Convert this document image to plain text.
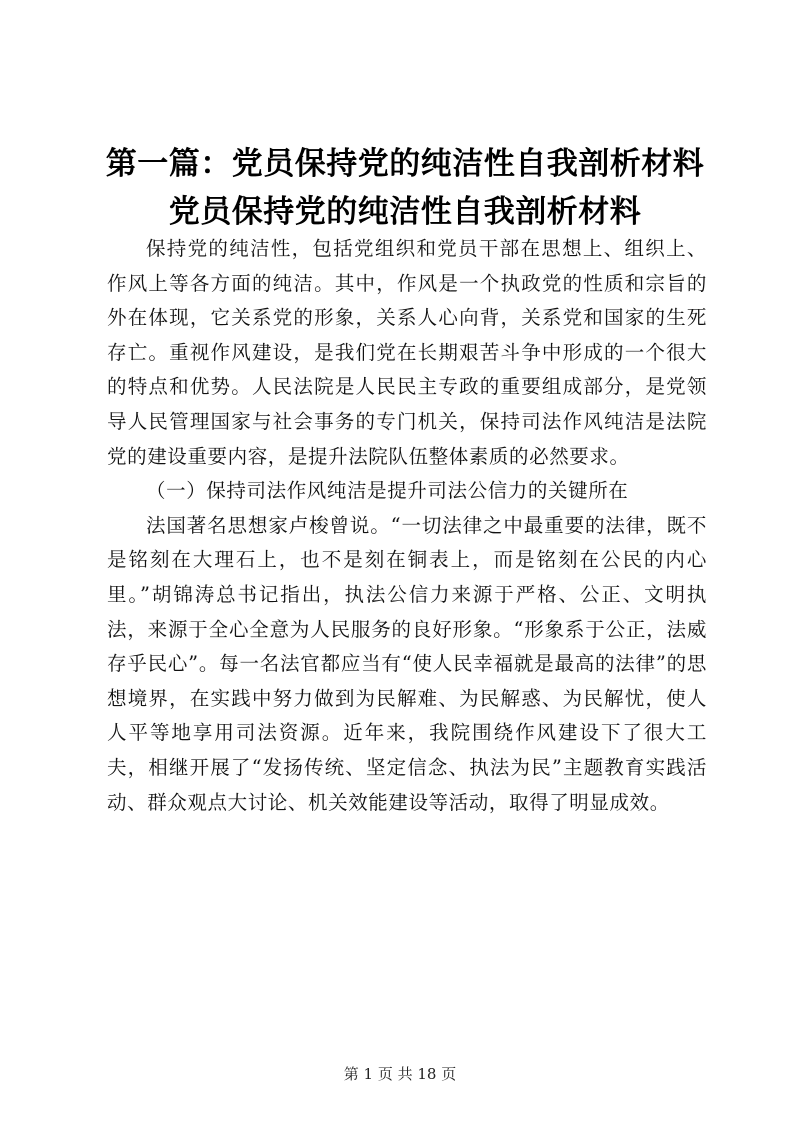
第一篇：党员保持党的纯洁性自我剖析材料党员保持党的纯洁性自我剖析材料

保持党的纯洁性，包括党组织和党员干部在思想上、组织上、作风上等各方面的纯洁。其中，作风是一个执政党的性质和宗旨的外在体现，它关系党的形象，关系人心向背，关系党和国家的生死存亡。重视作风建设，是我们党在长期艰苦斗争中形成的一个很大的特点和优势。人民法院是人民民主专政的重要组成部分，是党领导人民管理国家与社会事务的专门机关，保持司法作风纯洁是法院党的建设重要内容，是提升法院队伍整体素质的必然要求。

（一）保持司法作风纯洁是提升司法公信力的关键所在

法国著名思想家卢梭曾说。“一切法律之中最重要的法律，既不是铭刻在大理石上，也不是刻在铜表上，而是铭刻在公民的内心里。”胡锦涛总书记指出，执法公信力来源于严格、公正、文明执法，来源于全心全意为人民服务的良好形象。“形象系于公正，法威存乎民心”。每一名法官都应当有“使人民幸福就是最高的法律”的思想境界，在实践中努力做到为民解难、为民解惑、为民解忧，使人人平等地享用司法资源。近年来，我院围绕作风建设下了很大工夫，相继开展了“发扬传统、坚定信念、执法为民”主题教育实践活动、群众观点大讨论、机关效能建设等活动，取得了明显成效。

第 1 页 共 18 页
